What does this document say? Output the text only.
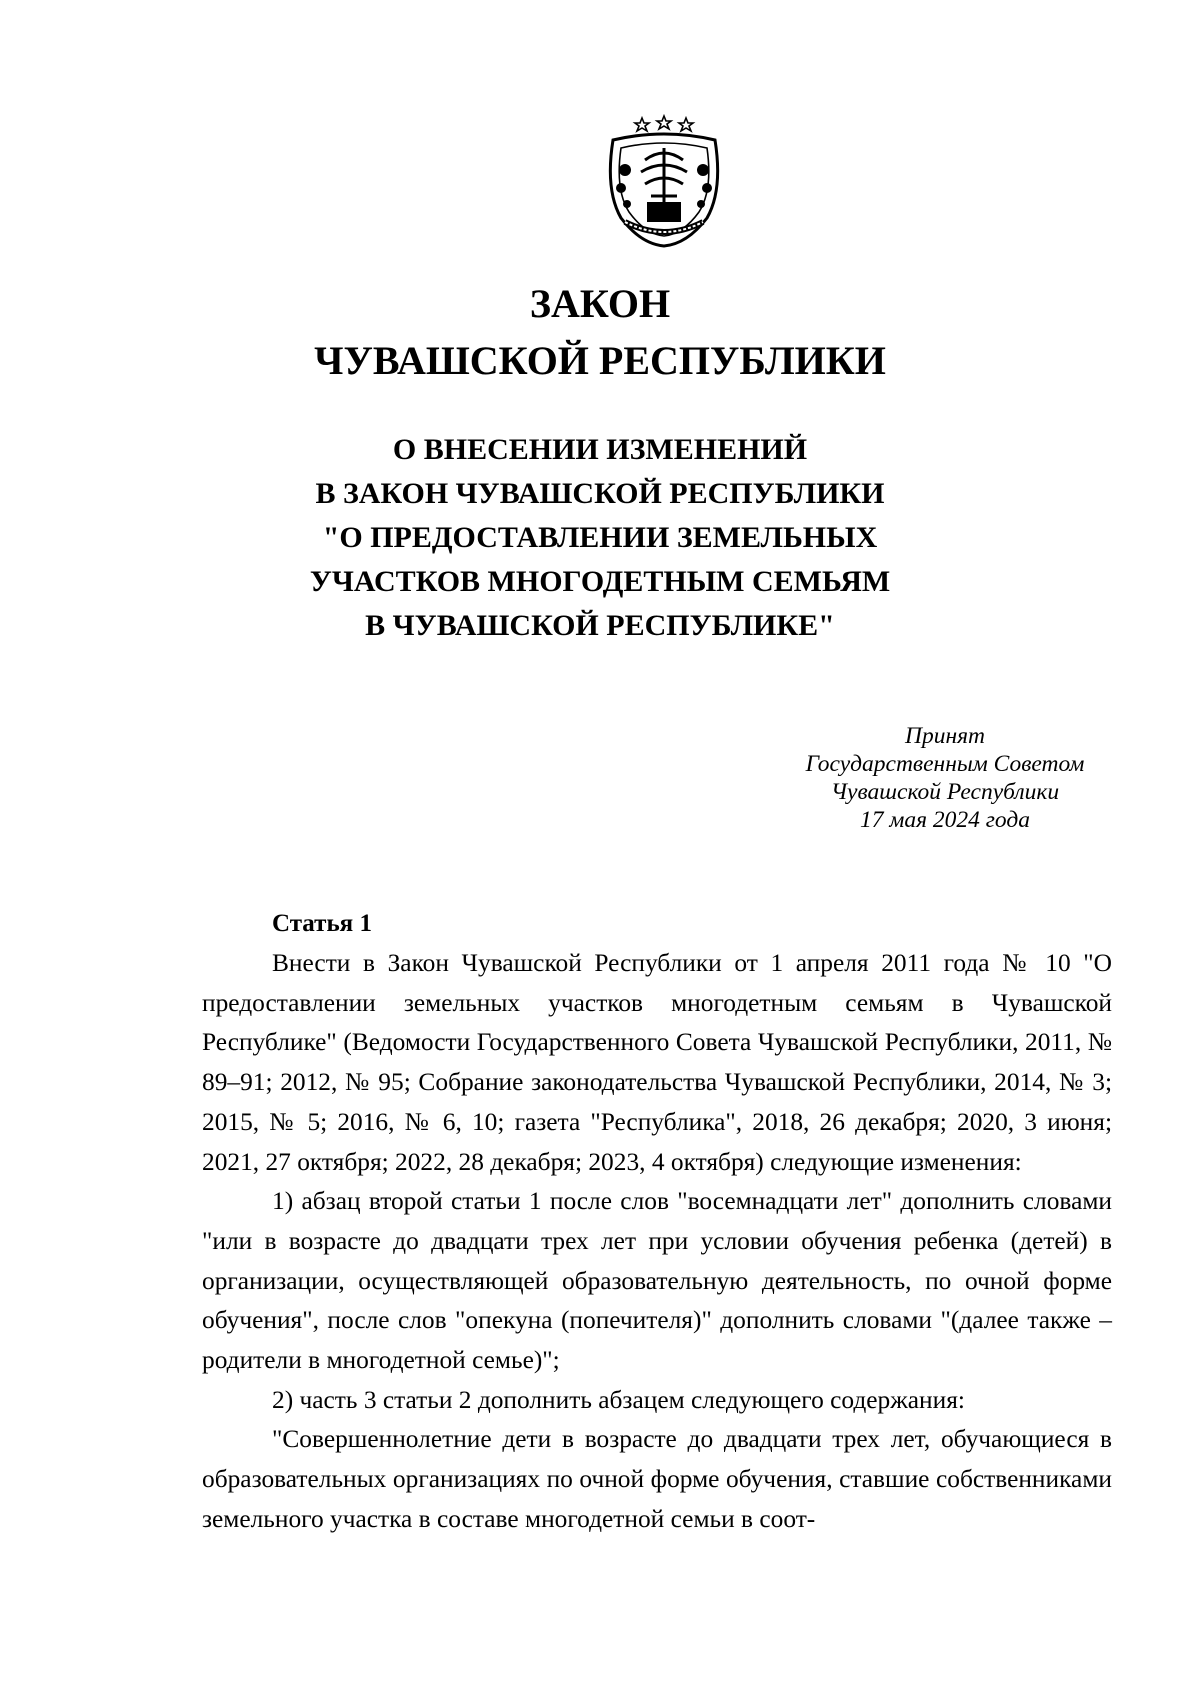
ЗАКОН
ЧУВАШСКОЙ РЕСПУБЛИКИ
О ВНЕСЕНИИ ИЗМЕНЕНИЙ
В ЗАКОН ЧУВАШСКОЙ РЕСПУБЛИКИ
"О ПРЕДОСТАВЛЕНИИ ЗЕМЕЛЬНЫХ
УЧАСТКОВ МНОГОДЕТНЫМ СЕМЬЯМ
В ЧУВАШСКОЙ РЕСПУБЛИКЕ"
Принят
Государственным Советом
Чувашской Республики
17 мая 2024 года
Статья 1

Внести в Закон Чувашской Республики от 1 апреля 2011 года № 10 "О предоставлении земельных участков многодетным семьям в Чувашской Республике" (Ведомости Государственного Совета Чувашской Республики, 2011, № 89–91; 2012, № 95; Собрание законодательства Чувашской Республики, 2014, № 3; 2015, № 5; 2016, № 6, 10; газета "Республика", 2018, 26 декабря; 2020, 3 июня; 2021, 27 октября; 2022, 28 декабря; 2023, 4 октября) следующие изменения:

1) абзац второй статьи 1 после слов "восемнадцати лет" дополнить словами "или в возрасте до двадцати трех лет при условии обучения ребенка (детей) в организации, осуществляющей образовательную деятельность, по очной форме обучения", после слов "опекуна (попечителя)" дополнить словами "(далее также – родители в многодетной семье)";

2) часть 3 статьи 2 дополнить абзацем следующего содержания:

"Совершеннолетние дети в возрасте до двадцати трех лет, обучающиеся в образовательных организациях по очной форме обучения, ставшие собственниками земельного участка в составе многодетной семьи в соот-
